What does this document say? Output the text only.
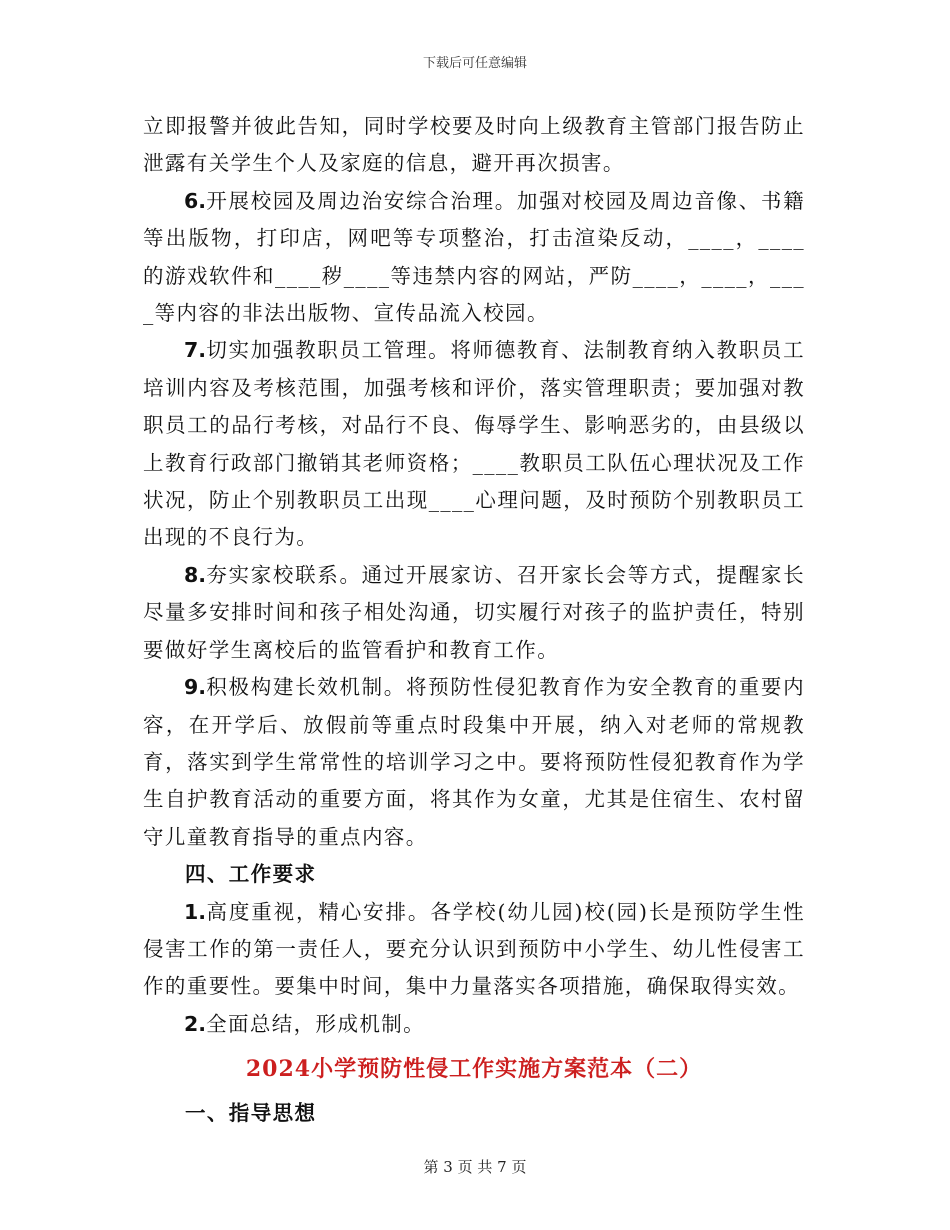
下载后可任意编辑

立即报警并彼此告知，同时学校要及时向上级教育主管部门报告防止泄露有关学生个人及家庭的信息，避开再次损害。

6.开展校园及周边治安综合治理。加强对校园及周边音像、书籍等出版物，打印店，网吧等专项整治，打击渲染反动，____，____的游戏软件和____秽____等违禁内容的网站，严防____，____，____等内容的非法出版物、宣传品流入校园。

7.切实加强教职员工管理。将师德教育、法制教育纳入教职员工培训内容及考核范围，加强考核和评价，落实管理职责；要加强对教职员工的品行考核，对品行不良、侮辱学生、影响恶劣的，由县级以上教育行政部门撤销其老师资格；____教职员工队伍心理状况及工作状况，防止个别教职员工出现____心理问题，及时预防个别教职员工出现的不良行为。

8.夯实家校联系。通过开展家访、召开家长会等方式，提醒家长尽量多安排时间和孩子相处沟通，切实履行对孩子的监护责任，特别要做好学生离校后的监管看护和教育工作。

9.积极构建长效机制。将预防性侵犯教育作为安全教育的重要内容，在开学后、放假前等重点时段集中开展，纳入对老师的常规教育，落实到学生常常性的培训学习之中。要将预防性侵犯教育作为学生自护教育活动的重要方面，将其作为女童，尤其是住宿生、农村留守儿童教育指导的重点内容。

四、工作要求

1.高度重视，精心安排。各学校(幼儿园)校(园)长是预防学生性侵害工作的第一责任人，要充分认识到预防中小学生、幼儿性侵害工作的重要性。要集中时间，集中力量落实各项措施，确保取得实效。

2.全面总结，形成机制。

2024小学预防性侵工作实施方案范本（二）

一、指导思想

第 3 页 共 7 页
